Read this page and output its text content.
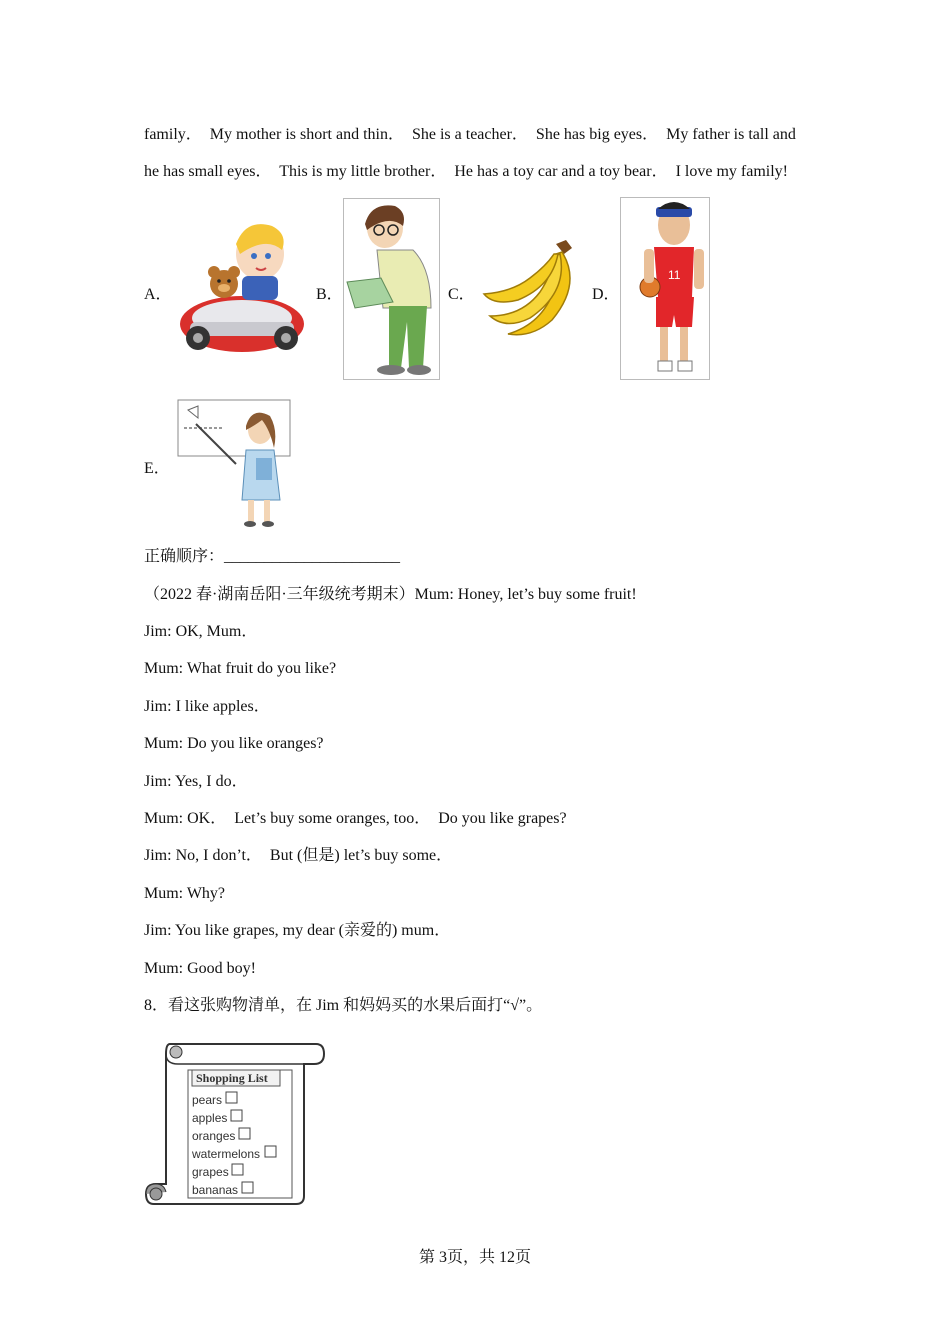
family．  My mother is short and thin．  She is a teacher．  She has big eyes．  My father is tall and
he has small eyes．  This is my little brother．  He has a toy car and a toy bear．  I love my family!
A．	B．	C．	D．
11
E．
正确顺序：______________________
（2022 春·湖南岳阳·三年级统考期末）Mum: Honey, let’s buy some fruit!
Jim: OK, Mum．
Mum: What fruit do you like?
Jim: I like apples．
Mum: Do you like oranges?
Jim: Yes, I do．
Mum: OK．  Let’s buy some oranges, too．  Do you like grapes?
Jim: No, I don’t．  But (但是) let’s buy some．
Mum: Why?
Jim: You like grapes, my dear (亲爱的) mum．
Mum: Good boy!
8．看这张购物清单，在 Jim 和妈妈买的水果后面打“√”。
Shopping List
pears
apples
oranges
watermelons
grapes
bananas
第 3页，共 12页
